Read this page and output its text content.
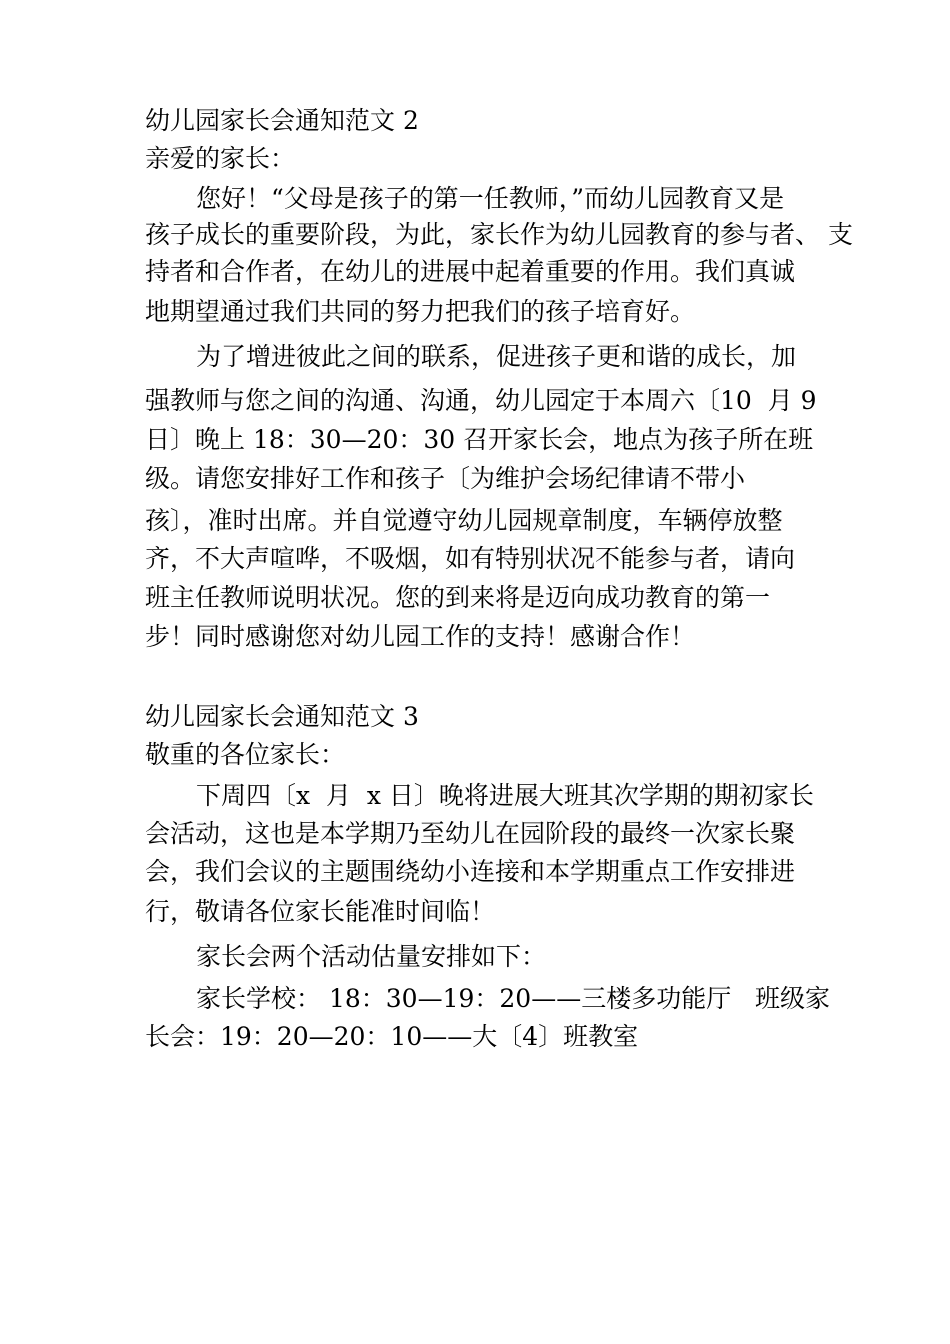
幼儿园家长会通知范文 2
亲爱的家长：
您好！“父母是孩子的第一任教师，”而幼儿园教育又是
孩子成长的重要阶段，为此，家长作为幼儿园教育的参与者、 支
持者和合作者，在幼儿的进展中起着重要的作用。我们真诚
地期望通过我们共同的努力把我们的孩子培育好。
为了增进彼此之间的联系，促进孩子更和谐的成长，加
强教师与您之间的沟通、沟通，幼儿园定于本周六〔10  月 9
日〕晚上 18：30—20：30 召开家长会，地点为孩子所在班
级。请您安排好工作和孩子〔为维护会场纪律请不带小
孩〕，准时出席。并自觉遵守幼儿园规章制度，车辆停放整
齐，不大声喧哗，不吸烟，如有特别状况不能参与者，请向
班主任教师说明状况。您的到来将是迈向成功教育的第一
步！同时感谢您对幼儿园工作的支持！感谢合作！
幼儿园家长会通知范文 3
敬重的各位家长：
下周四〔x  月  x 日〕晚将进展大班其次学期的期初家长
会活动，这也是本学期乃至幼儿在园阶段的最终一次家长聚
会，我们会议的主题围绕幼小连接和本学期重点工作安排进
行，敬请各位家长能准时间临！
家长会两个活动估量安排如下：
家长学校： 18：30—19：20——三楼多功能厅   班级家
长会：19：20—20：10——大〔4〕班教室
